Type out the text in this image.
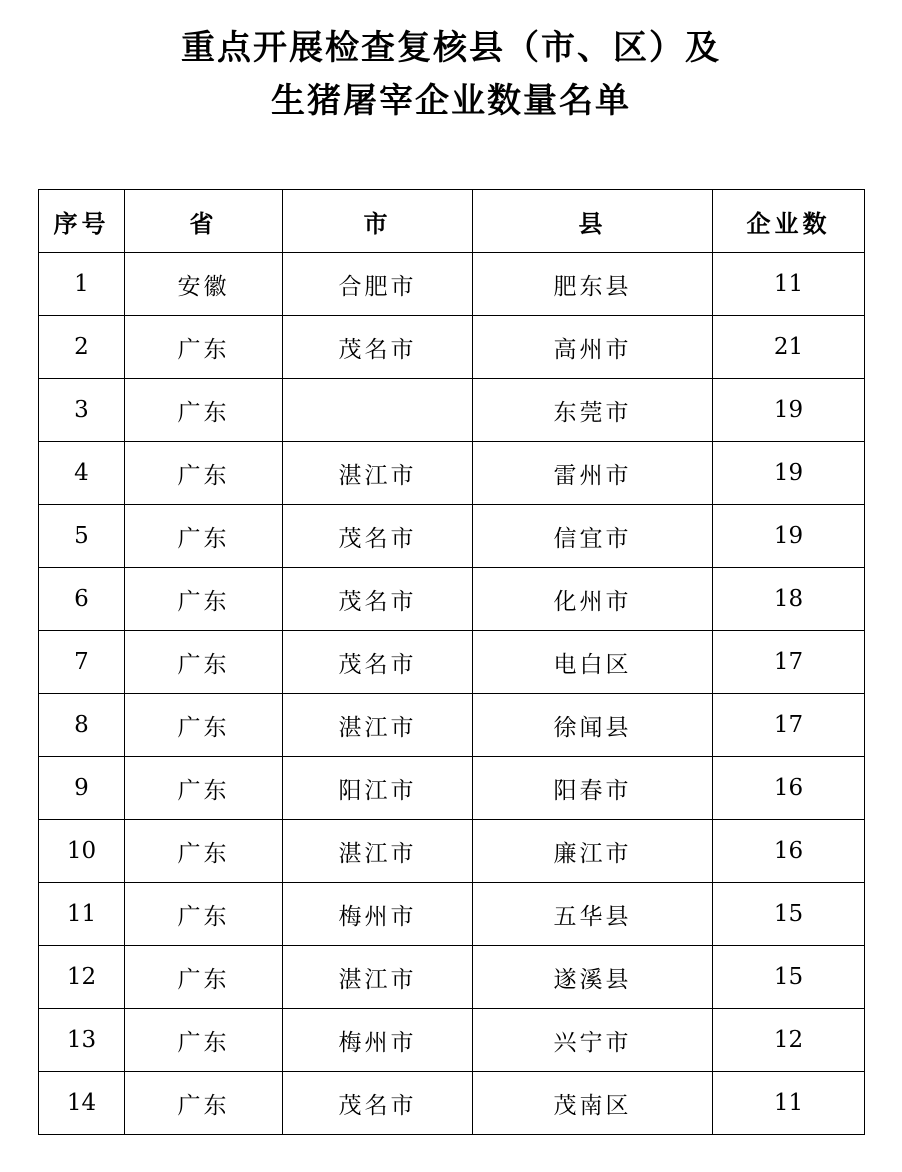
重点开展检查复核县（市、区）及
生猪屠宰企业数量名单
序号	省	市	县	企业数
1	安徽	合肥市	肥东县	11
2	广东	茂名市	高州市	21
3	广东		东莞市	19
4	广东	湛江市	雷州市	19
5	广东	茂名市	信宜市	19
6	广东	茂名市	化州市	18
7	广东	茂名市	电白区	17
8	广东	湛江市	徐闻县	17
9	广东	阳江市	阳春市	16
10	广东	湛江市	廉江市	16
11	广东	梅州市	五华县	15
12	广东	湛江市	遂溪县	15
13	广东	梅州市	兴宁市	12
14	广东	茂名市	茂南区	11
